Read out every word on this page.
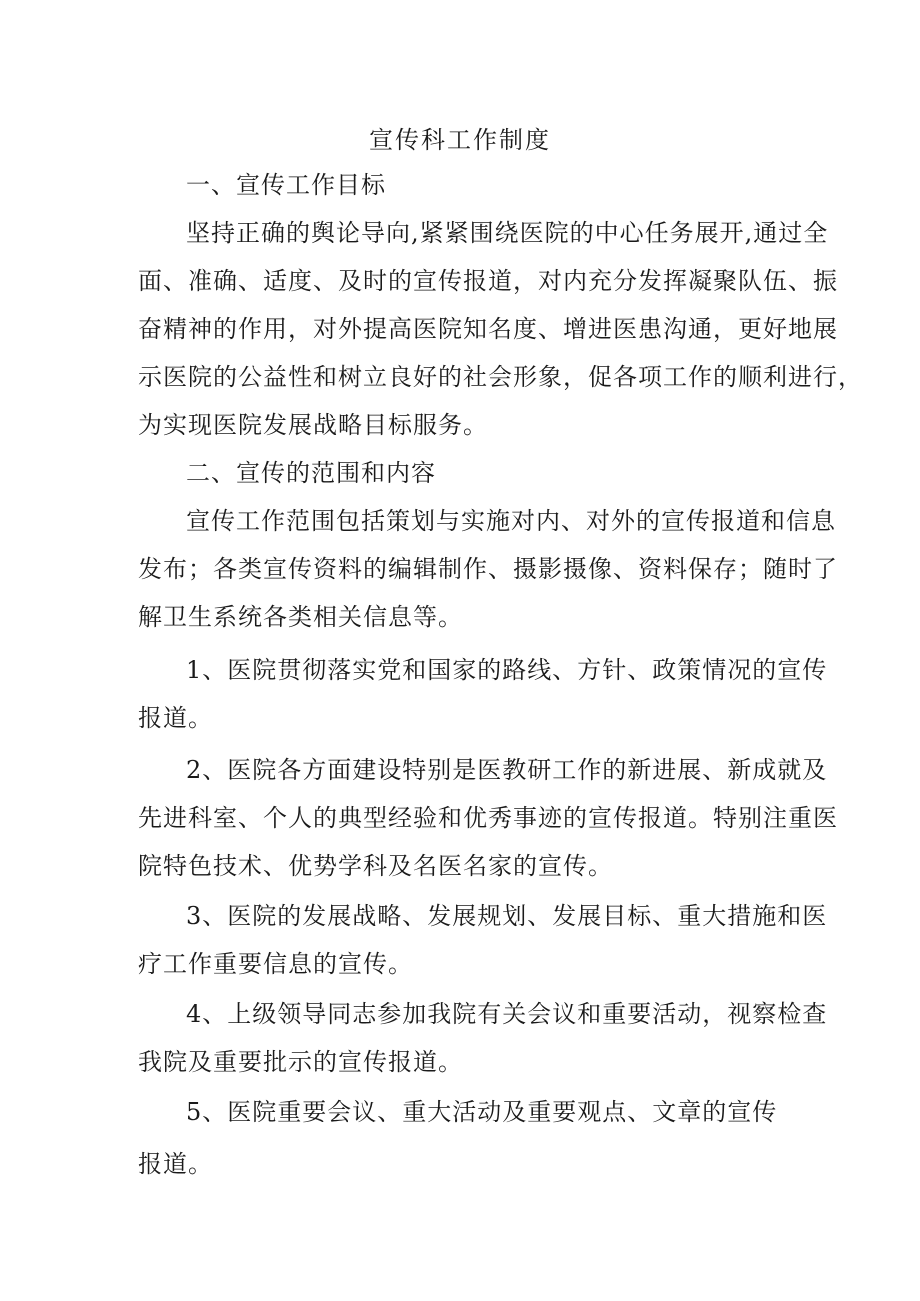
宣传科工作制度
一、宣传工作目标
坚持正确的舆论导向,紧紧围绕医院的中心任务展开,通过全
面、准确、适度、及时的宣传报道，对内充分发挥凝聚队伍、振
奋精神的作用，对外提高医院知名度、增进医患沟通，更好地展
示医院的公益性和树立良好的社会形象，促各项工作的顺利进行，
为实现医院发展战略目标服务。
二、宣传的范围和内容
宣传工作范围包括策划与实施对内、对外的宣传报道和信息
发布；各类宣传资料的编辑制作、摄影摄像、资料保存；随时了
解卫生系统各类相关信息等。
1、医院贯彻落实党和国家的路线、方针、政策情况的宣传
报道。
2、医院各方面建设特别是医教研工作的新进展、新成就及
先进科室、个人的典型经验和优秀事迹的宣传报道。特别注重医
院特色技术、优势学科及名医名家的宣传。
3、医院的发展战略、发展规划、发展目标、重大措施和医
疗工作重要信息的宣传。
4、上级领导同志参加我院有关会议和重要活动，视察检查
我院及重要批示的宣传报道。
5、医院重要会议、重大活动及重要观点、文章的宣传
报道。
